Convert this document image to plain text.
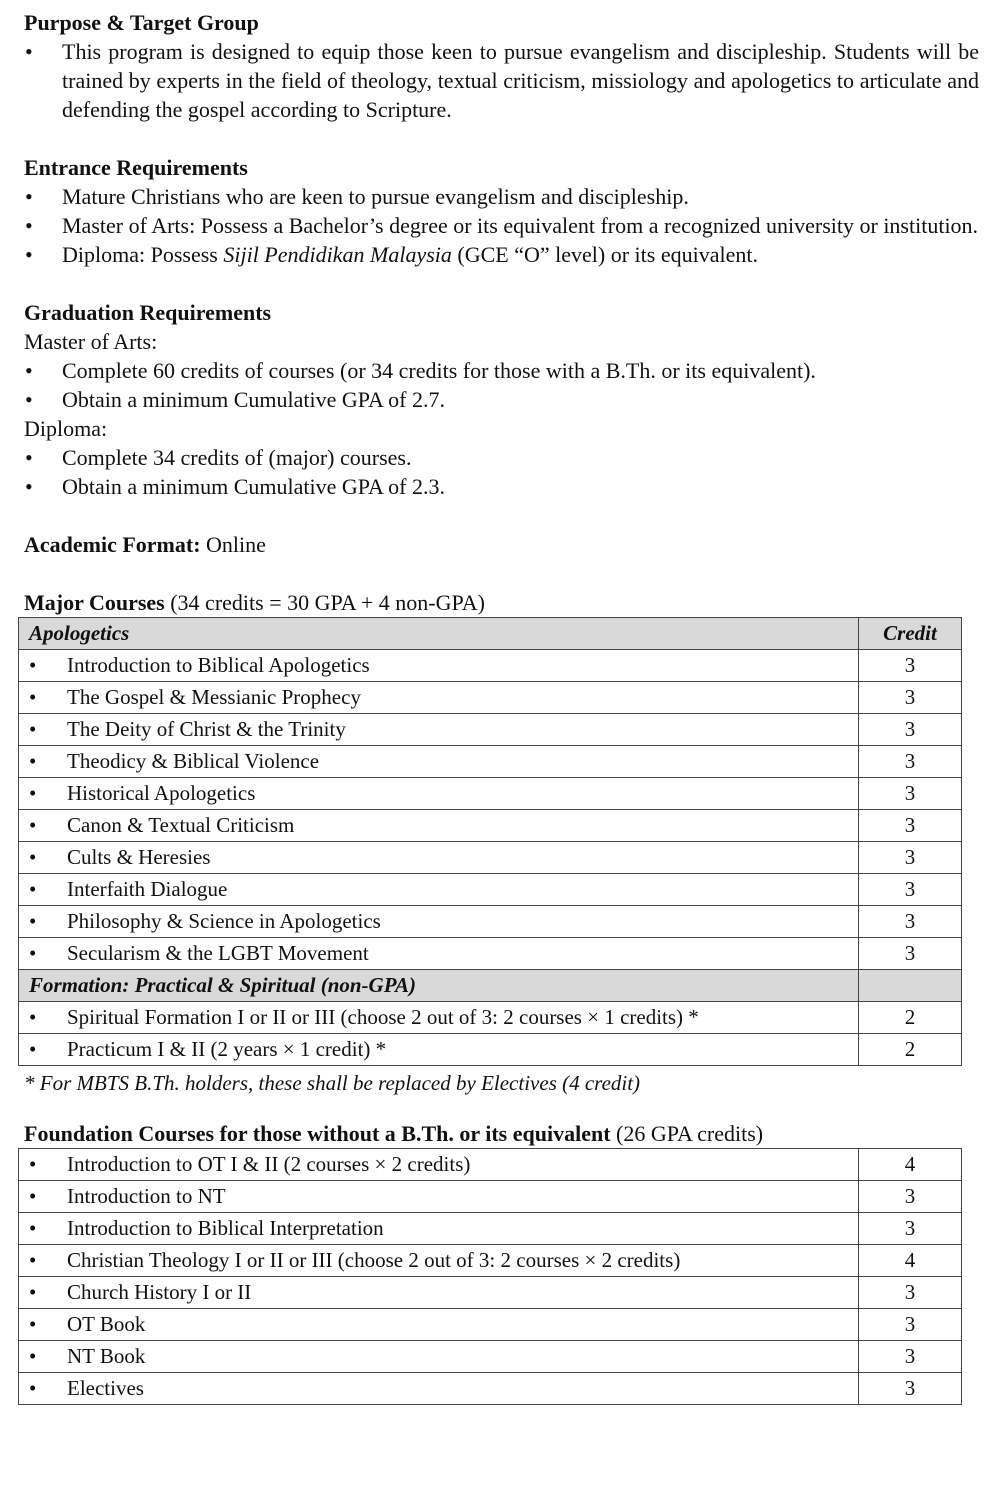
Purpose & Target Group
• This program is designed to equip those keen to pursue evangelism and discipleship. Students will be trained by experts in the field of theology, textual criticism, missiology and apologetics to articulate and defending the gospel according to Scripture.
Entrance Requirements
• Mature Christians who are keen to pursue evangelism and discipleship.
• Master of Arts: Possess a Bachelor’s degree or its equivalent from a recognized university or institution.
• Diploma: Possess Sijil Pendidikan Malaysia (GCE “O” level) or its equivalent.
Graduation Requirements

Master of Arts:

• Complete 60 credits of courses (or 34 credits for those with a B.Th. or its equivalent).
• Obtain a minimum Cumulative GPA of 2.7.

Diploma:

• Complete 34 credits of (major) courses.
• Obtain a minimum Cumulative GPA of 2.3.

Academic Format: Online

Major Courses (34 credits = 30 GPA + 4 non-GPA)

Apologetics	Credit

• Introduction to Biblical Apologetics	3

• The Gospel & Messianic Prophecy	3

• The Deity of Christ & the Trinity	3

• Theodicy & Biblical Violence	3

• Historical Apologetics	3

• Canon & Textual Criticism	3

• Cults & Heresies	3

• Interfaith Dialogue	3

• Philosophy & Science in Apologetics	3

• Secularism & the LGBT Movement	3
Formation: Practical & Spiritual (non-GPA)	

• Spiritual Formation I or II or III (choose 2 out of 3: 2 courses × 1 credits) *	2

• Practicum I & II (2 years × 1 credit) *	2

* For MBTS B.Th. holders, these shall be replaced by Electives (4 credit)

Foundation Courses for those without a B.Th. or its equivalent (26 GPA credits)

• Introduction to OT I & II (2 courses × 2 credits)	4

• Introduction to NT	3

• Introduction to Biblical Interpretation	3

• Christian Theology I or II or III (choose 2 out of 3: 2 courses × 2 credits)	4

• Church History I or II	3

• OT Book	3

• NT Book	3

• Electives	3
